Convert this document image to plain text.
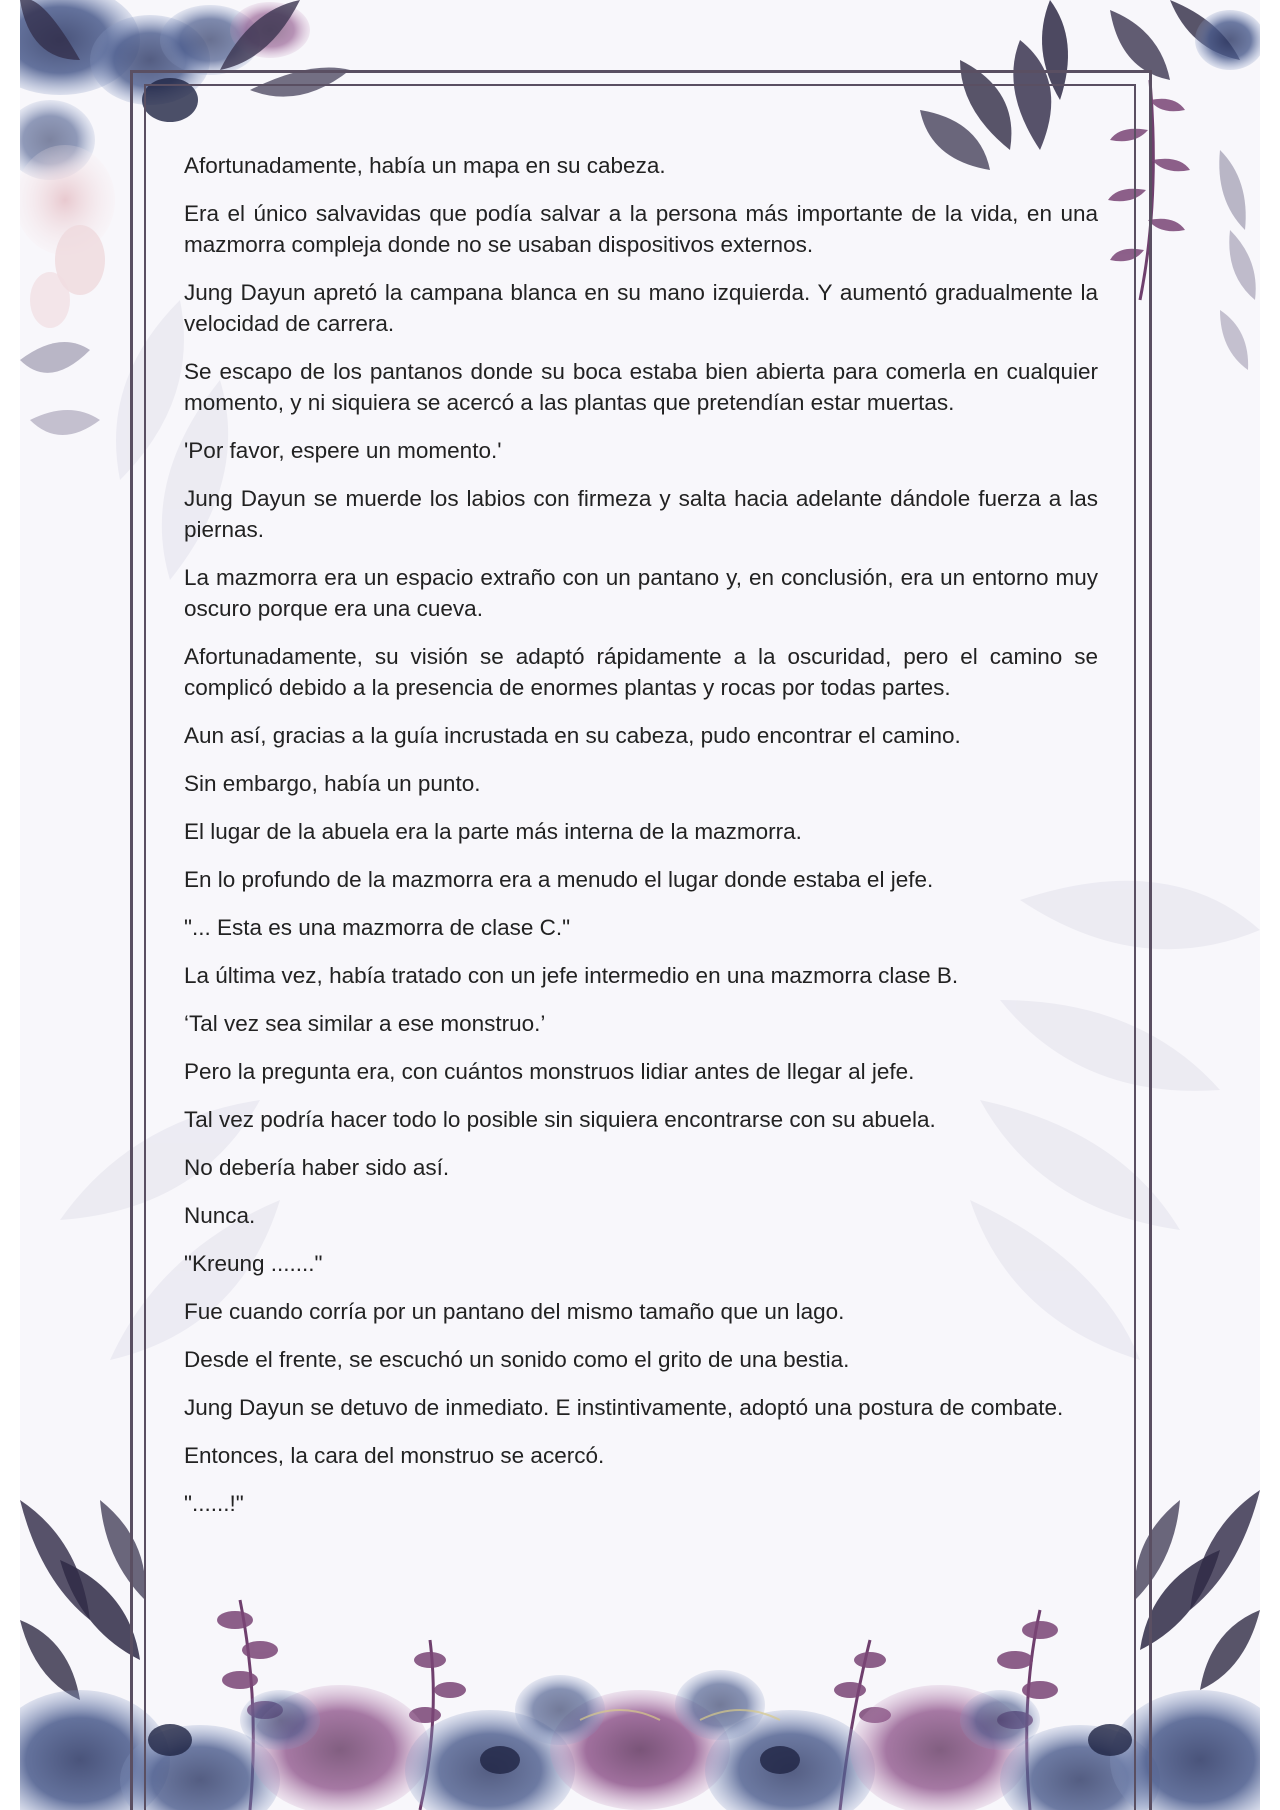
Afortunadamente, había un mapa en su cabeza.

Era el único salvavidas que podía salvar a la persona más importante de la vida, en una mazmorra compleja donde no se usaban dispositivos externos.

Jung Dayun apretó la campana blanca en su mano izquierda. Y aumentó gradualmente la velocidad de carrera.

Se escapo de los pantanos donde su boca estaba bien abierta para comerla en cualquier momento, y ni siquiera se acercó a las plantas que pretendían estar muertas.

'Por favor, espere un momento.'

Jung Dayun se muerde los labios con firmeza y salta hacia adelante dándole fuerza a las piernas.

La mazmorra era un espacio extraño con un pantano y, en conclusión, era un entorno muy oscuro porque era una cueva.

Afortunadamente, su visión se adaptó rápidamente a la oscuridad, pero el camino se complicó debido a la presencia de enormes plantas y rocas por todas partes.

Aun así, gracias a la guía incrustada en su cabeza, pudo encontrar el camino.

Sin embargo, había un punto.

El lugar de la abuela era la parte más interna de la mazmorra.

En lo profundo de la mazmorra era a menudo el lugar donde estaba el jefe.

"... Esta es una mazmorra de clase C."

La última vez, había tratado con un jefe intermedio en una mazmorra clase B.

‘Tal vez sea similar a ese monstruo.’

Pero la pregunta era, con cuántos monstruos lidiar antes de llegar al jefe.

Tal vez podría hacer todo lo posible sin siquiera encontrarse con su abuela.

No debería haber sido así.

Nunca.

"Kreung ......."

Fue cuando corría por un pantano del mismo tamaño que un lago.

Desde el frente, se escuchó un sonido como el grito de una bestia.

Jung Dayun se detuvo de inmediato. E instintivamente, adoptó una postura de combate.

Entonces, la cara del monstruo se acercó.

"......!"
